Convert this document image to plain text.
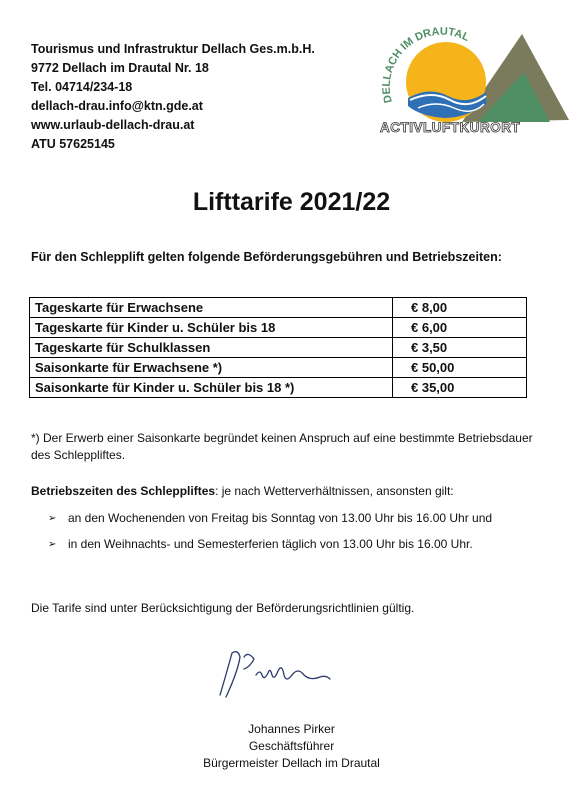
Tourismus und Infrastruktur Dellach Ges.m.b.H.
9772 Dellach im Drautal Nr. 18
Tel. 04714/234-18
dellach-drau.info@ktn.gde.at
www.urlaub-dellach-drau.at
ATU 57625145
DELLACH IM DRAUTAL
ACTIVLUFTKURORT
Lifttarife 2021/22
Für den Schlepplift gelten folgende Beförderungsgebühren und Betriebszeiten:
Tageskarte für Erwachsene	€ 8,00
Tageskarte für Kinder u. Schüler bis 18	€ 6,00
Tageskarte für Schulklassen	€ 3,50
Saisonkarte für Erwachsene *)	€ 50,00
Saisonkarte für Kinder u. Schüler bis 18 *)	€ 35,00
*) Der Erwerb einer Saisonkarte begründet keinen Anspruch auf eine bestimmte Betriebsdauer des Schleppliftes.
Betriebszeiten des Schleppliftes: je nach Wetterverhältnissen, ansonsten gilt:
➢ an den Wochenenden von Freitag bis Sonntag von 13.00 Uhr bis 16.00 Uhr und
➢ in den Weihnachts- und Semesterferien täglich von 13.00 Uhr bis 16.00 Uhr.
Die Tarife sind unter Berücksichtigung der Beförderungsrichtlinien gültig.
Johannes Pirker
Geschäftsführer
Bürgermeister Dellach im Drautal
